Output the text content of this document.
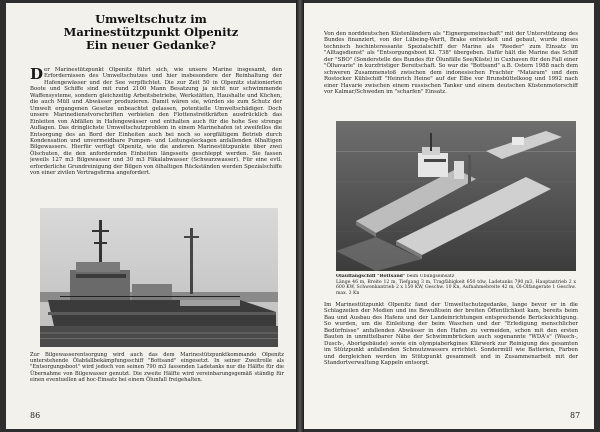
Umweltschutz im
Marinestützpunkt Olpenitz
Ein neuer Gedanke?
Der Marinestützpunkt Olpenitz führt sich, wie unsere Marine insgesamt, den Erfordernissen des Umweltschutzes und hier insbesondere der Reinhaltung der Hafengewässer und der See verpflichtet. Die zur Zeit 50 in Olpenitz stationierten Boote und Schiffe sind mit rund 2100 Mann Besatzung ja nicht nur schwimmende Waffensysteme, sondern gleichzeitig Arbeitsbetriebe, Werkstätten, Haushalte und Küchen, die auch Müll und Abwässer produzieren. Damit wären sie, würden sie zum Schutz der Umwelt ergangenen Gesetze unbeachtet gelassen, potentielle Umweltschädiger. Doch unsere Marinedienstvorschriften verbieten den Flottenstreitkräften ausdrücklich das Einleiten von Abfällen in Hafengewässer und enthalten auch für die hohe See strenge Auflagen. Das dringlichste Umweltschutzproblem in einem Marinehafen ist zweifellos die Entsorgung des an Bord der Einheiten auch bei noch so sorgfältigem Betrieb durch Kondensation und unvermeidbare Pumpen- und Leitungsleckagen anfallenden ölhaltigen Bilgewassers. Hierfür verfügt Olpenitz, wie die anderen Marinestützpunkte über zwei Ölschuten, die den anfordernden Einheiten längsseits geschleppt werden. Sie fassen jeweils 127 m3 Bilgewasser und 30 m3 Fäkalabwasser (Schwarzwasser). Für eine evtl. erforderliche Grundreinigung der Bilgen von ölhaltigen Rückständen werden Spezialschiffe von einer zivilen Vertragsfirma angefordert.
Zur Bilgewasserentsorgung wird auch das dem Marinestützpunktkommando Olpenitz unterstehende Ölabfallbekämpfungsschiff "Bottsand" eingesetzt. In seiner Zweitrolle als "Entsorgungsboot" wird jedoch von seinen 790 m3 fassenden Ladetanks nur die Hälfte für die Übernahme von Bilgewasser genutzt. Die zweite Hälfte wird vereinbarungsgemäß ständig für einen eventuellen ad hoc-Einsatz bei einem Ölunfall freigehalten.
86
Von den norddeutschen Küstenländern als "Eignergemeinschaft" mit der Unterstützung des Bundes finanziert, von der Lübeing-Werft, Brake entwickelt und gebaut, wurde dieses technisch hochinteressante Spezialschiff der Marine als "Reeder" zum Einsatz im "Alltagsdienst" als "Entsorgungsboot Kl. 738" übergeben. Dafür hält die Marine das Schiff der "SBO" (Sonderstelle des Bundes für Ölunfälle See/Küste) in Cuxhaven für den Fall einer "Ölhavarie" in kurzfristiger Bereitschaft. So war die "Bottsand" a.B. Ostern 1988 nach dem schweren Zusammenstoß zwischen dem indonesischen Frachter "Mataram" und dem Rostocker Kühlschiff "Heinrich Heine" auf der Elbe vor Brunsbüttelkoog und 1992 nach einer Havarie zwischen einem russischen Tanker und einem deutschen Küstenmotorschiff vor Kalmar/Schweden im "scharfen" Einsatz.
Ölauffangschiff "Bottsand" beim Übungseinsatz
Länge 46 m, Breite 12 m, Tiefgang 3 m, Tragfähigkeit 650 tdw, Ladetanks 790 m3, Hauptantrieb 2 x 600 KW, Schwenkantrieb 2 x 150 KW, Geschw. 10 Kn, Aufnahmebreite 42 m, Öl-Ölfangerate 1 Geschw. max. 3 Kn
Im Marinestützpunkt Olpenitz fand der Umweltschutzgedanke, lange bevor er in die Schlagzeilen der Medien und ins Bewußtsein der breiten Öffentlichkeit kam, bereits beim Bau und Ausbau des Hafens und der Landeinrichtungen entsprechende Berücksichtigung. So wurden, um die Einleitung der beim Waschen und der "Erledigung menschlicher Bedürfnisse" anfallenden Abwässer in den Hafen zu vermeiden, schon mit den ersten Bauten in unmittelbarer Nähe der Schwimmbrücken auch sogenannte "WDA's" (Wasch-, Dusch-, Abortgebäude) sowie ein olympiaberkgines Klärwerk zur Reinigung des gesamten im Stützpunkt anfallenden Schmutzwassers errichtet. Sondermüll wie Batterien, Farben und dergleichen werden im Stützpunkt gesammelt und in Zusammenarbeit mit der Standortverwaltung Kappeln entsorgt.
87
